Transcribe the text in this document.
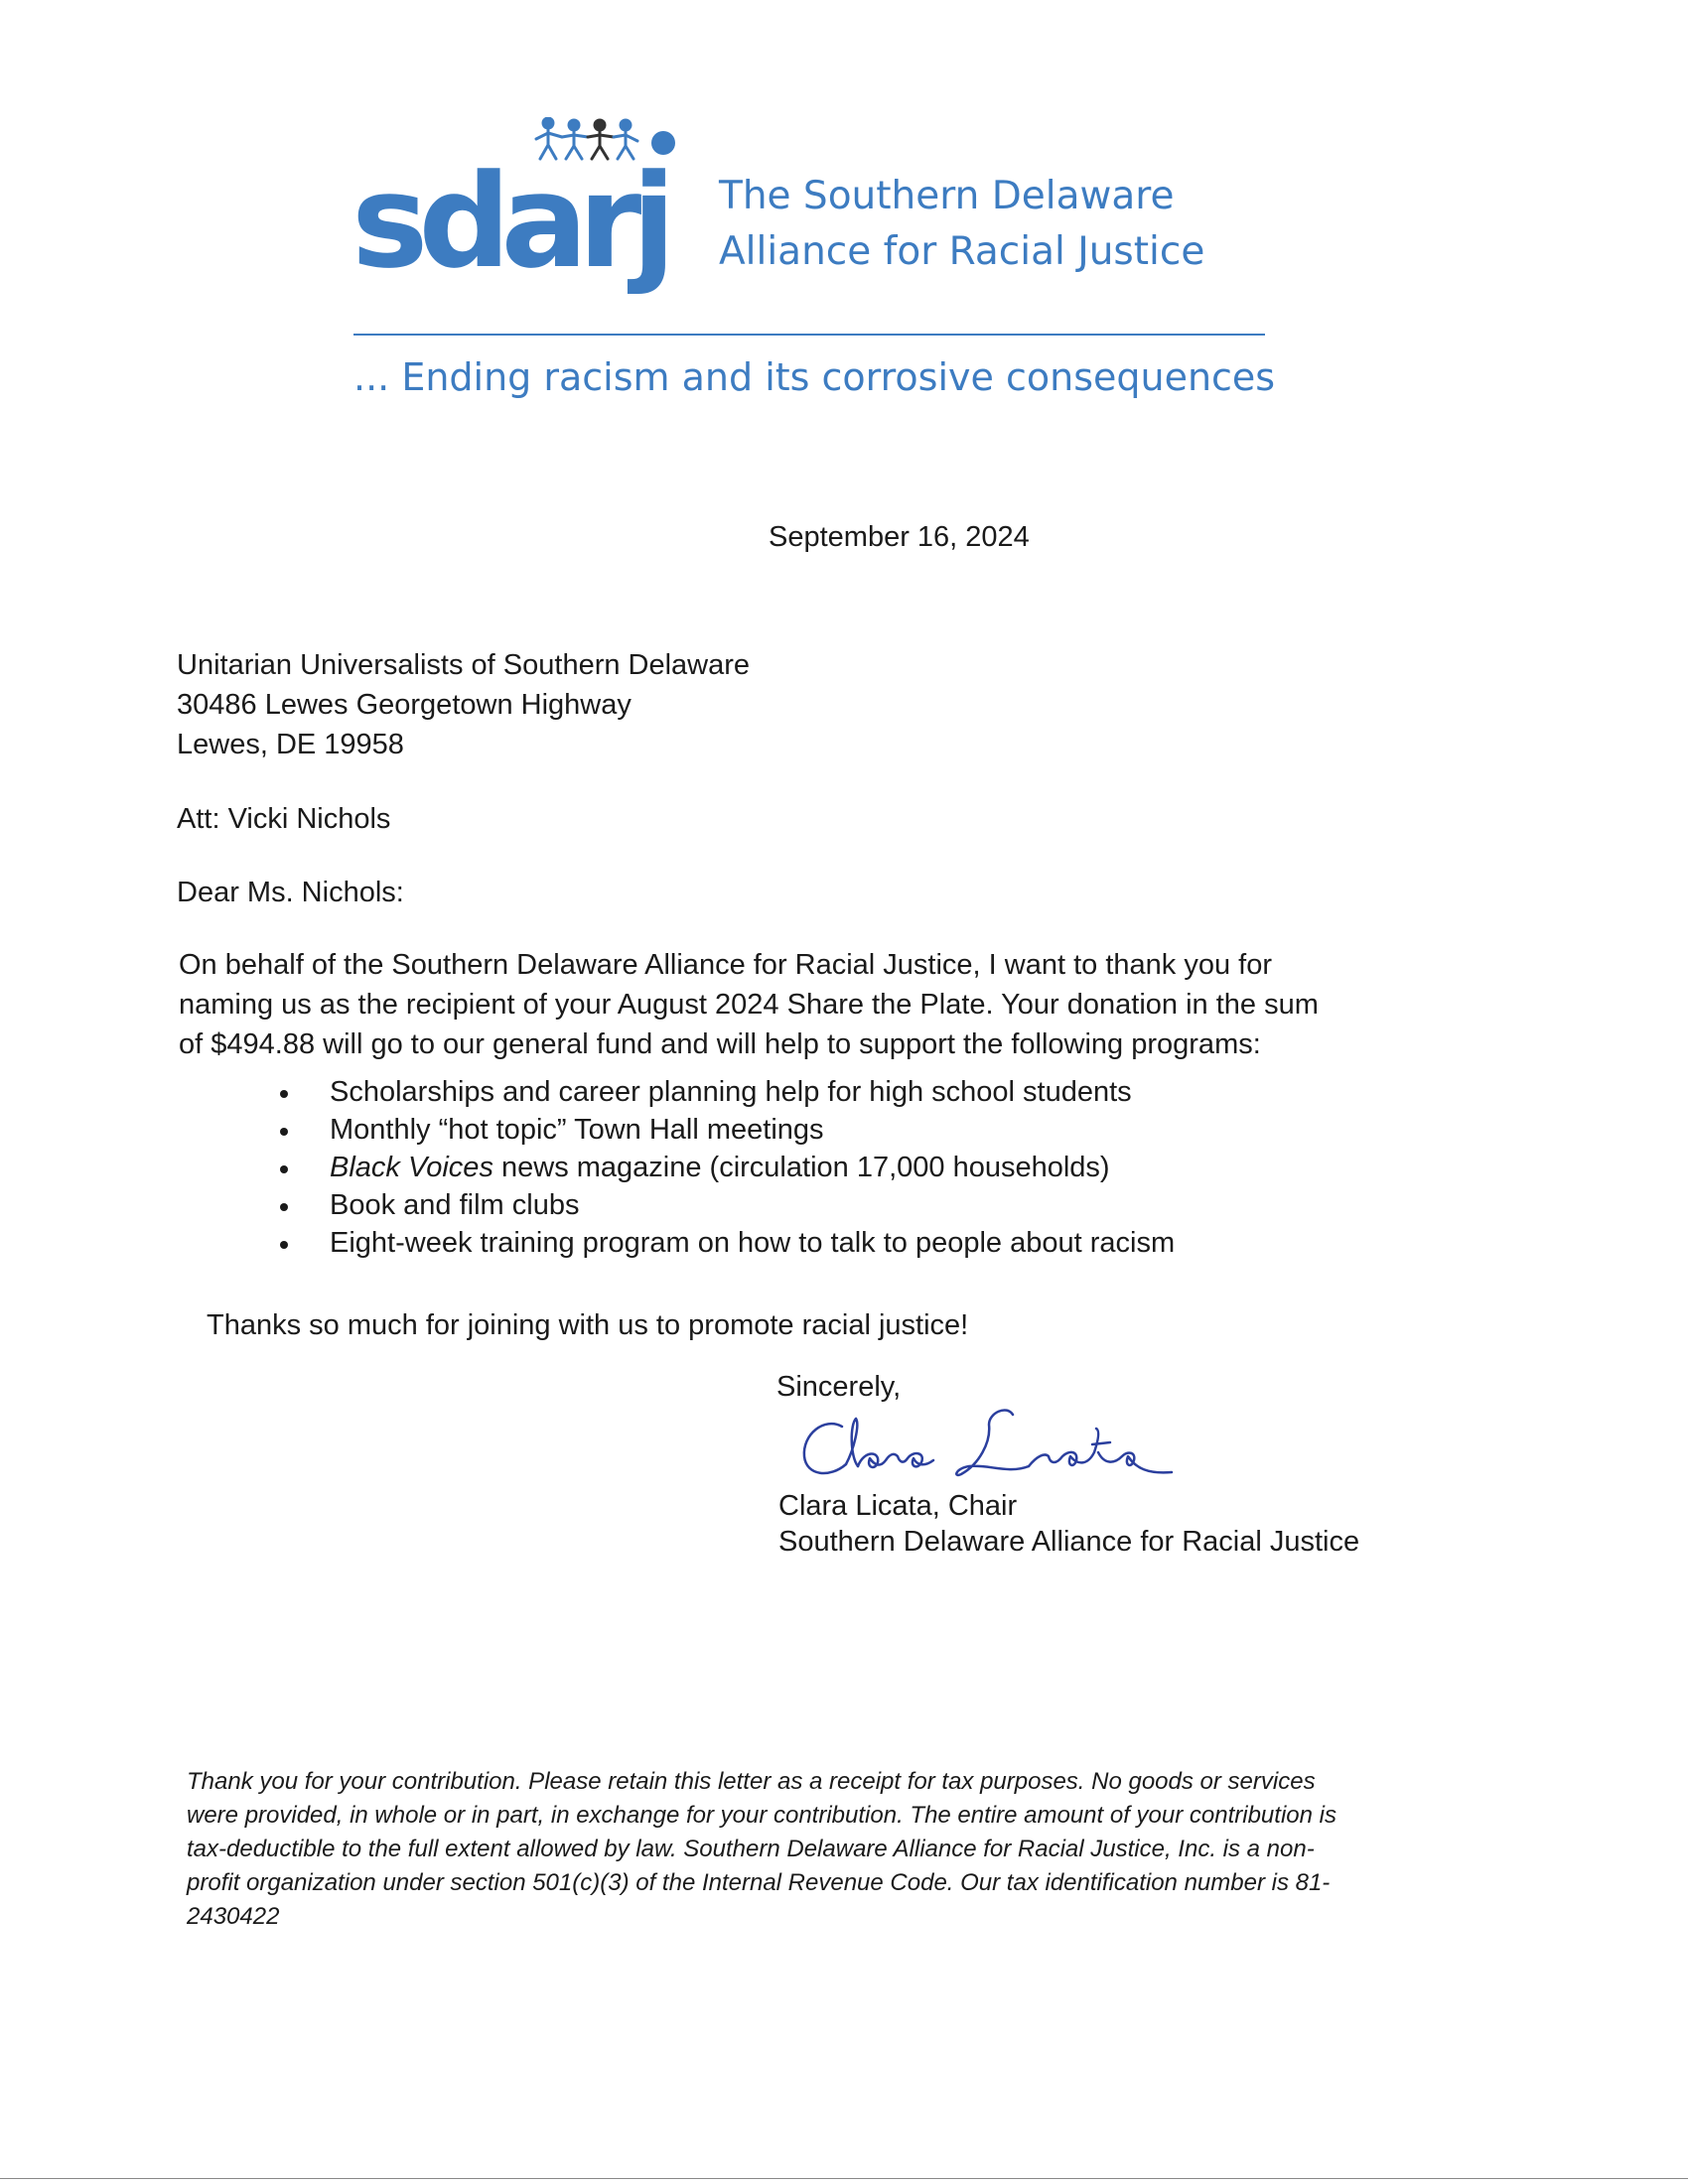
sdarj The Southern Delaware
Alliance for Racial Justice
... Ending racism and its corrosive consequences
September 16, 2024
Unitarian Universalists of Southern Delaware
30486 Lewes Georgetown Highway
Lewes, DE 19958
Att: Vicki Nichols
Dear Ms. Nichols:
On behalf of the Southern Delaware Alliance for Racial Justice, I want to thank you for
naming us as the recipient of your August 2024 Share the Plate. Your donation in the sum
of $494.88 will go to our general fund and will help to support the following programs:
Scholarships and career planning help for high school students
Monthly “hot topic” Town Hall meetings
Black Voices news magazine (circulation 17,000 households)
Book and film clubs
Eight-week training program on how to talk to people about racism
Thanks so much for joining with us to promote racial justice!
Sincerely,
Clara Licata, Chair
Southern Delaware Alliance for Racial Justice
Thank you for your contribution. Please retain this letter as a receipt for tax purposes. No goods or services
were provided, in whole or in part, in exchange for your contribution. The entire amount of your contribution is
tax-deductible to the full extent allowed by law. Southern Delaware Alliance for Racial Justice, Inc. is a non-
profit organization under section 501(c)(3) of the Internal Revenue Code. Our tax identification number is 81-
2430422
